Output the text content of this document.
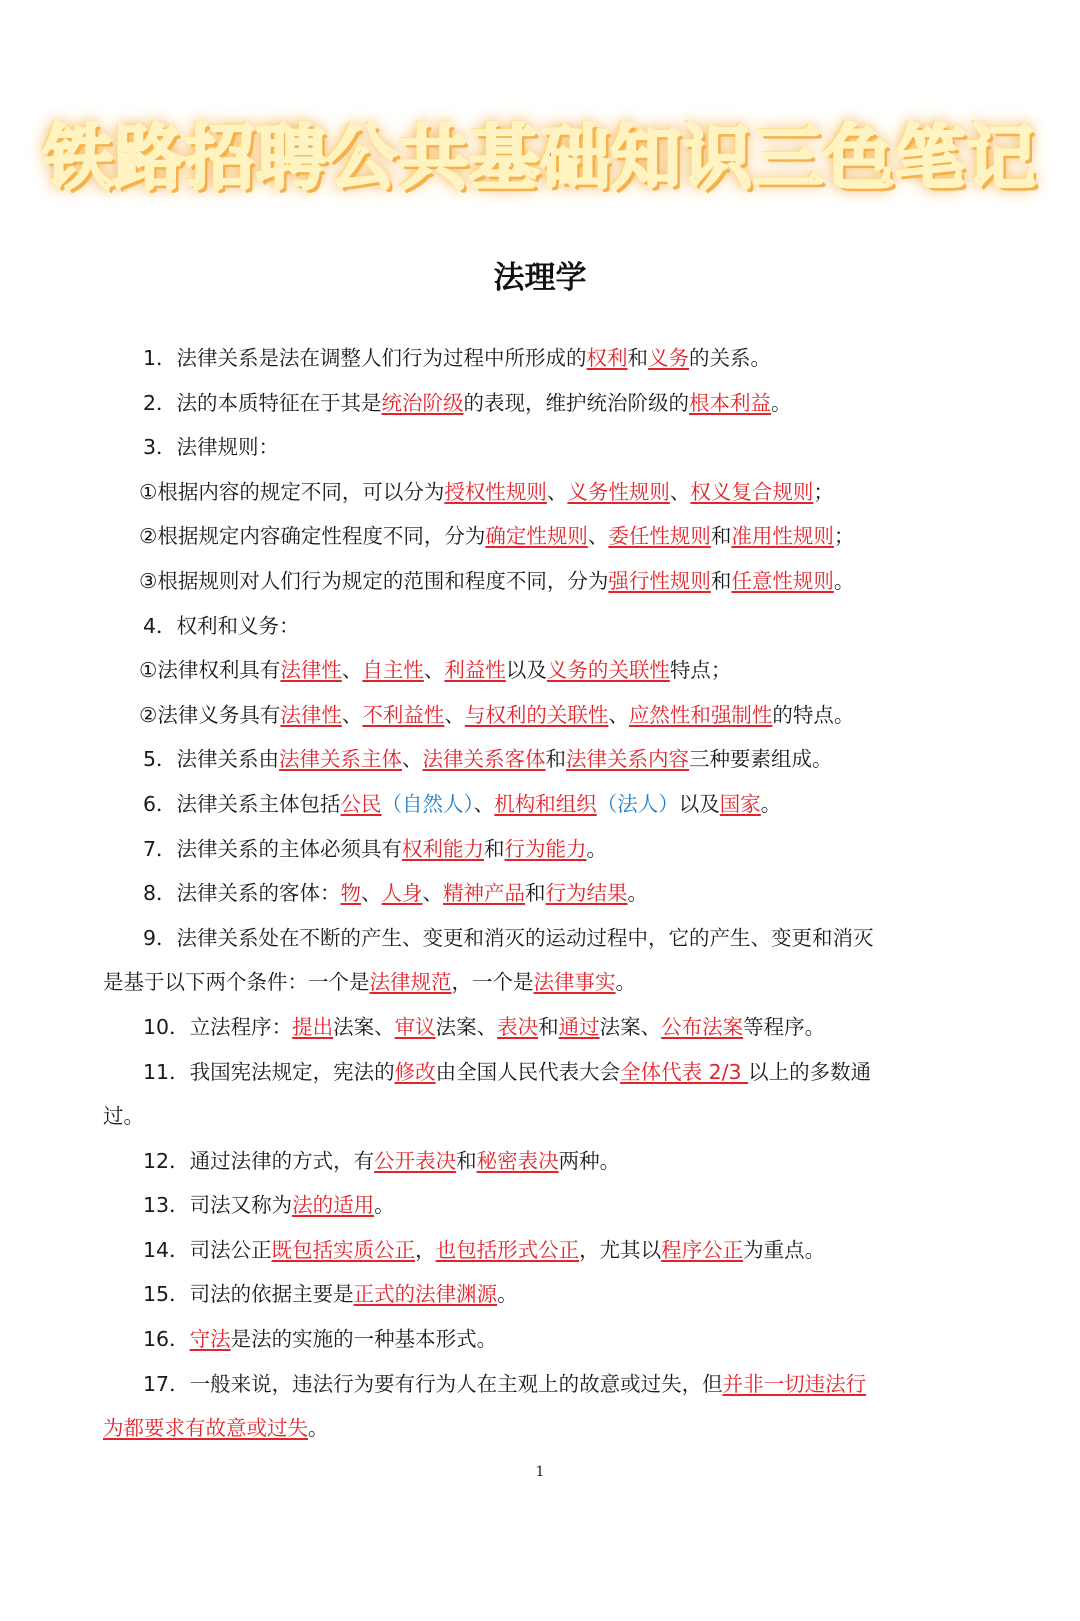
铁路招聘公共基础知识三色笔记
法理学
1．法律关系是法在调整人们行为过程中所形成的权利和义务的关系。
2．法的本质特征在于其是统治阶级的表现，维护统治阶级的根本利益。
3．法律规则：
①根据内容的规定不同，可以分为授权性规则、义务性规则、权义复合规则；
②根据规定内容确定性程度不同，分为确定性规则、委任性规则和准用性规则；
③根据规则对人们行为规定的范围和程度不同，分为强行性规则和任意性规则。
4．权利和义务：
①法律权利具有法律性、自主性、利益性以及义务的关联性特点；
②法律义务具有法律性、不利益性、与权利的关联性、应然性和强制性的特点。
5．法律关系由法律关系主体、法律关系客体和法律关系内容三种要素组成。
6．法律关系主体包括公民（自然人）、机构和组织（法人）以及国家。
7．法律关系的主体必须具有权利能力和行为能力。
8．法律关系的客体：物、人身、精神产品和行为结果。
9．法律关系处在不断的产生、变更和消灭的运动过程中，它的产生、变更和消灭
是基于以下两个条件：一个是法律规范，一个是法律事实。
10．立法程序：提出法案、审议法案、表决和通过法案、公布法案等程序。
11．我国宪法规定，宪法的修改由全国人民代表大会全体代表 2/3 以上的多数通
过。
12．通过法律的方式，有公开表决和秘密表决两种。
13．司法又称为法的适用。
14．司法公正既包括实质公正，也包括形式公正，尤其以程序公正为重点。
15．司法的依据主要是正式的法律渊源。
16．守法是法的实施的一种基本形式。
17．一般来说，违法行为要有行为人在主观上的故意或过失，但并非一切违法行
为都要求有故意或过失。
1
